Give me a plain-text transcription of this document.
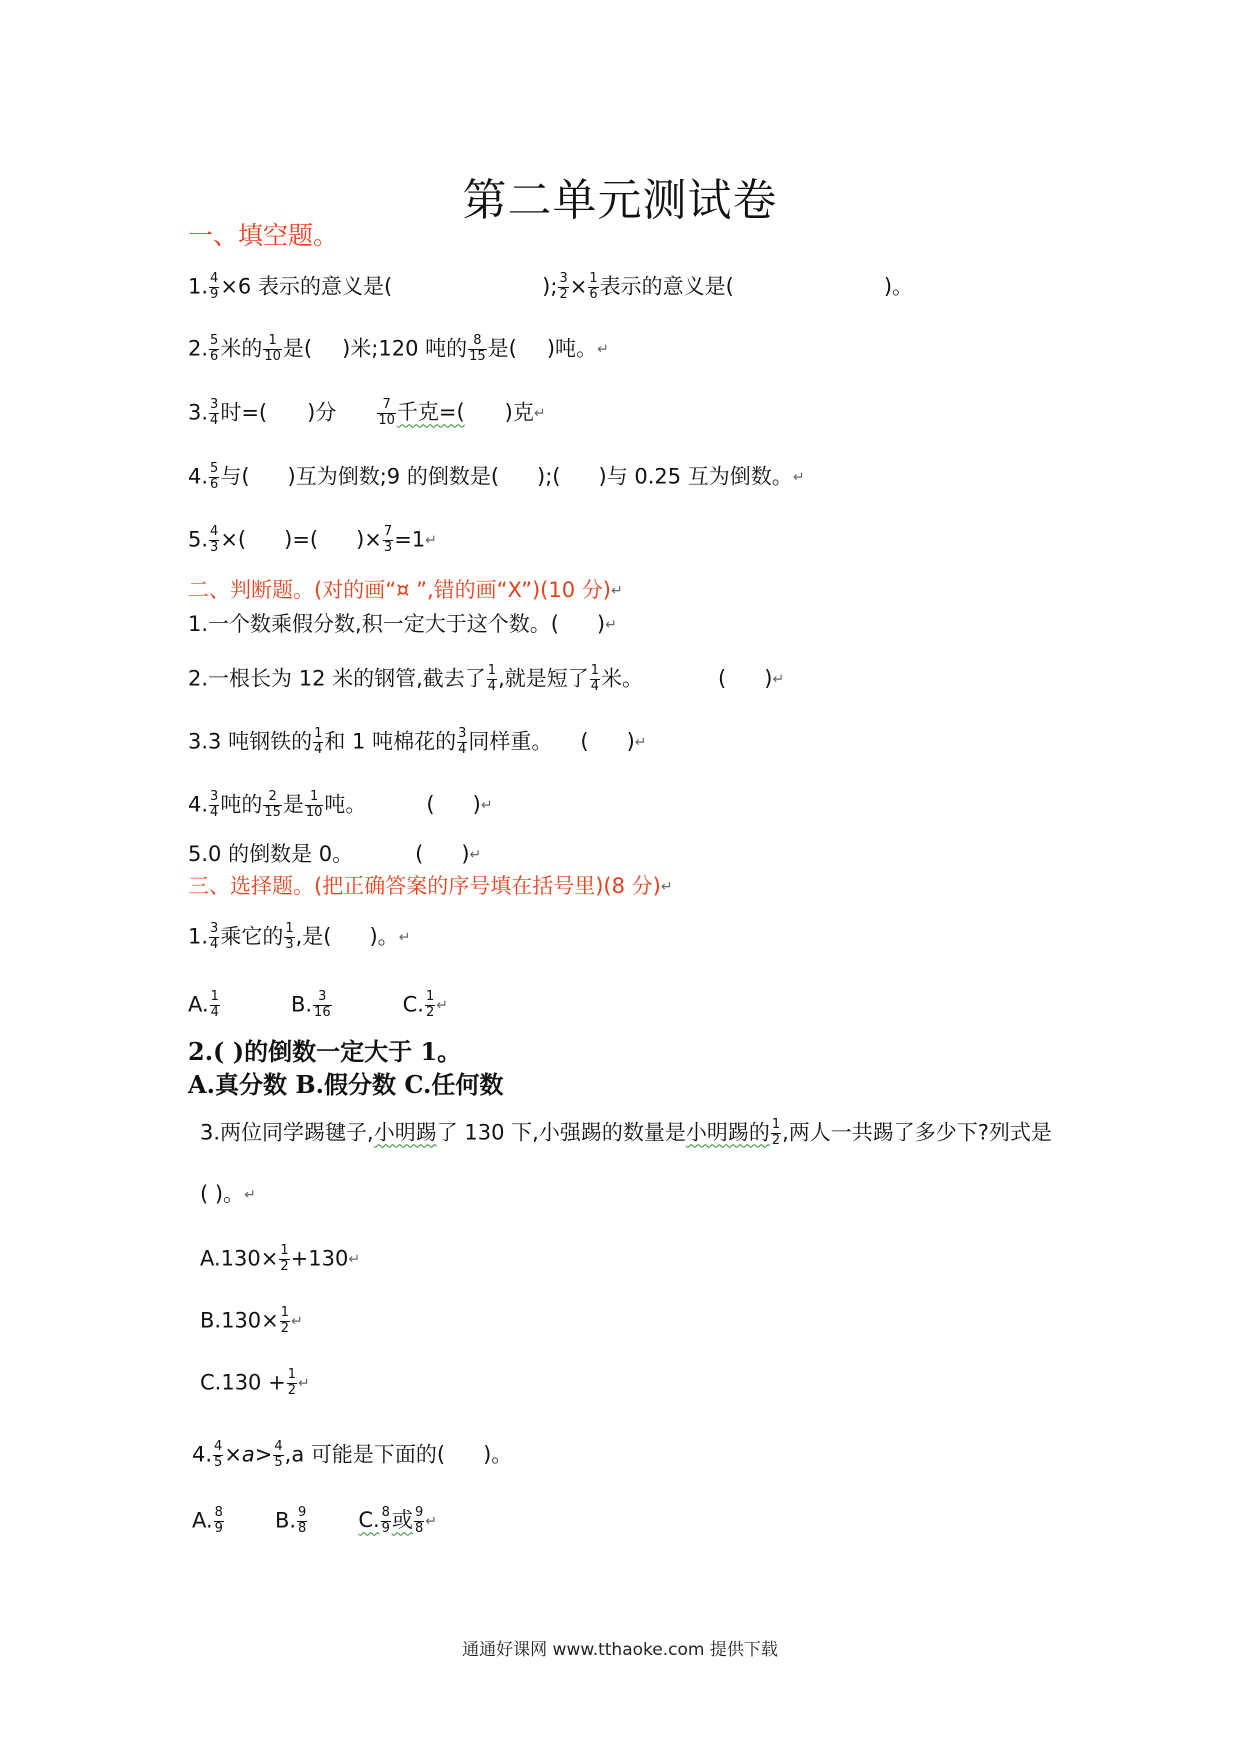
第二单元测试卷
一、填空题。
1. $\frac{4}{9} \times 6$ 表示的意义是(	); $\frac{3}{2} \times \frac{1}{6}$ 表示的意义是(	)。
2. $\frac{5}{6}$ 米的 $\frac{1}{10}$ 是( )米;120 吨的 $\frac{8}{15}$ 是( )吨。↵
3. $\frac{3}{4}$ 时=( )分	$\frac{7}{10}$ 千克=( )克↵
4. $\frac{5}{6}$ 与( )互为倒数;9 的倒数是( );( )与 0.25 互为倒数。↵
5. $\frac{4}{3}$ ×( )=( )× $\frac{7}{3}$ =1↵
二、判断题。(对的画“¤ ”,错的画“X”)(10 分)↵
1.一个数乘假分数,积一定大于这个数。( )↵
2.一根长为 12 米的钢管,截去了 $\frac{1}{4}$ ,就是短了 $\frac{1}{4}$ 米。	( )↵
3.3 吨钢铁的 $\frac{1}{4}$ 和 1 吨棉花的 $\frac{3}{4}$ 同样重。 ( )↵
4. $\frac{3}{4}$ 吨的 $\frac{2}{15}$ 是 $\frac{1}{10}$ 吨。	( )↵
5.0 的倒数是 0。	( )↵
三、选择题。(把正确答案的序号填在括号里)(8 分)↵
1. $\frac{3}{4}$ 乘它的 $\frac{1}{3}$ ,是( )。↵
A. $\frac{1}{4}$	B. $\frac{3}{16}$	C. $\frac{1}{2}$ ↵
2.( )的倒数一定大于 1。
A.真分数 B.假分数 C.任何数
3.两位同学踢毽子,小明踢了 130 下,小强踢的数量是小明踢的 $\frac{1}{2}$ ,两人一共踢了多少下?列式是
( )。↵
$A.130\times \frac{1}{2}$ +130↵
$B.130\times \frac{1}{2}$ ↵
$C.130 + \frac{1}{2}$ ↵
4. $\frac{4}{5} \times a> \frac{4}{5} ,a$ 可能是下面的( )。
A. $\frac{8}{9} B$. $\frac{9}{8} C$. $\frac{8}{9}$ 或 $\frac{9}{8}$ ↵
通通好课网 www.tthaoke.com 提供下载
